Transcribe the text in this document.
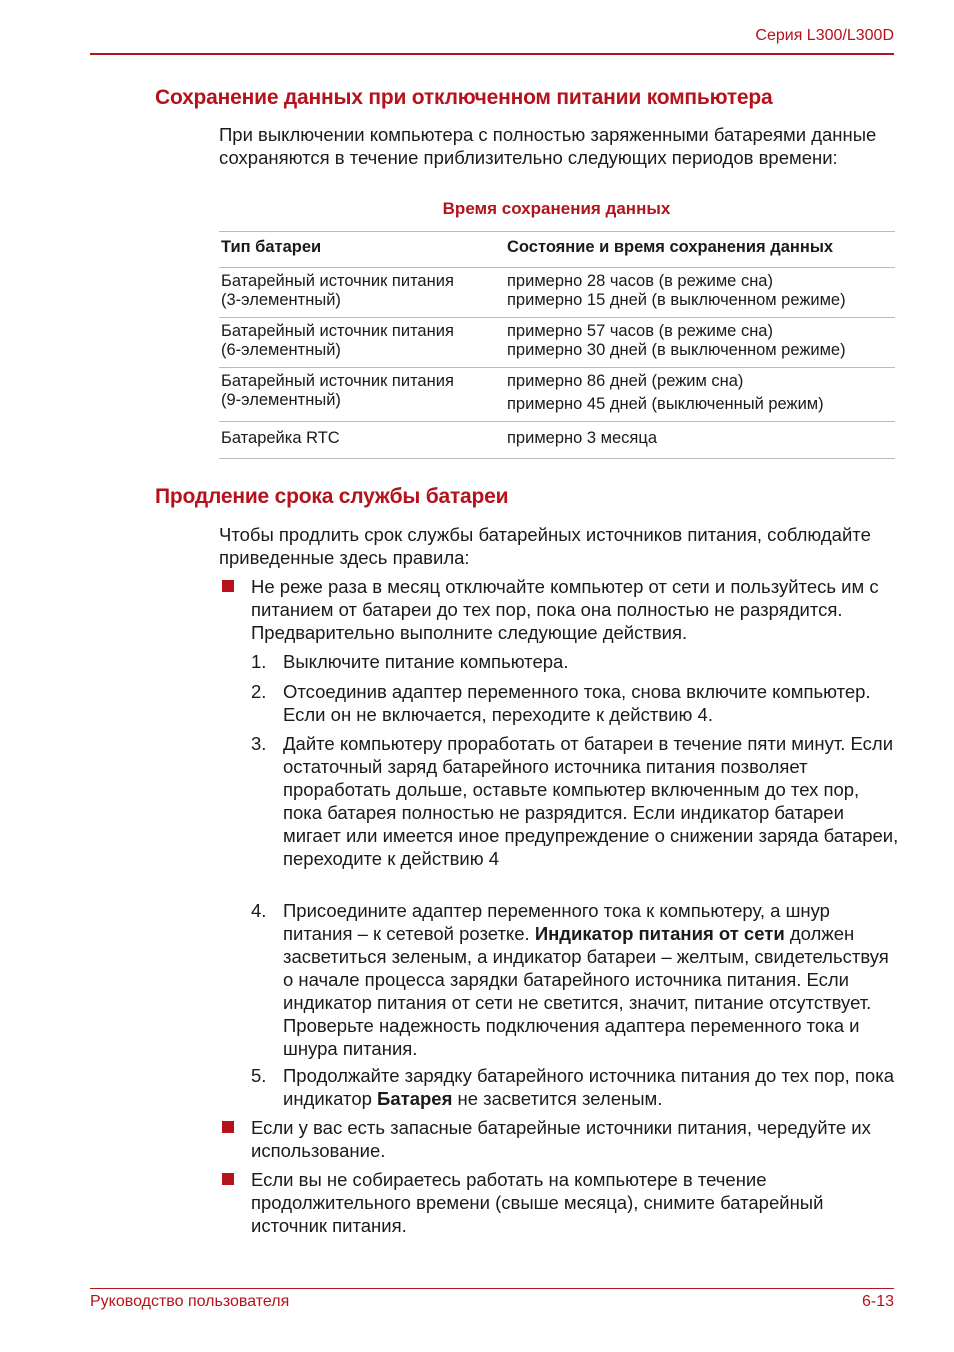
Серия L300/L300D
Сохранение данных при отключенном питании компьютера

При выключении компьютера с полностью заряженными батареями данные сохраняются в течение приблизительно следующих периодов времени:

Время сохранения данных
Тип батареи	Состояние и время сохранения данных

Батарейный источник питания
(3-элементный)	примерно 28 часов (в режиме сна)
примерно 15 дней (в выключенном режиме)

Батарейный источник питания
(6-элементный)	примерно 57 часов (в режиме сна)
примерно 30 дней (в выключенном режиме)

Батарейный источник питания
(9-элементный)	примерно 86 дней (режим сна)
примерно 45 дней (выключенный режим)

Батарейка RTC	примерно 3 месяца
Продление срока службы батареи

Чтобы продлить срок службы батарейных источников питания, соблюдайте приведенные здесь правила:

Не реже раза в месяц отключайте компьютер от сети и пользуйтесь им с питанием от батареи до тех пор, пока она полностью не разрядится. Предварительно выполните следующие действия.
1. Выключите питание компьютера.
2. Отсоединив адаптер переменного тока, снова включите компьютер. Если он не включается, переходите к действию 4.
3. Дайте компьютеру проработать от батареи в течение пяти минут. Если остаточный заряд батарейного источника питания позволяет проработать дольше, оставьте компьютер включенным до тех пор, пока батарея полностью не разрядится. Если индикатор батареи мигает или имеется иное предупреждение о снижении заряда батареи, переходите к действию 4
4. Присоедините адаптер переменного тока к компьютеру, а шнур питания – к сетевой розетке. Индикатор питания от сети должен засветиться зеленым, а индикатор батареи – желтым, свидетельствуя о начале процесса зарядки батарейного источника питания. Если индикатор питания от сети не светится, значит, питание отсутствует. Проверьте надежность подключения адаптера переменного тока и шнура питания.
5. Продолжайте зарядку батарейного источника питания до тех пор, пока индикатор Батарея не засветится зеленым.
Если у вас есть запасные батарейные источники питания, чередуйте их использование.
Если вы не собираетесь работать на компьютере в течение продолжительного времени (свыше месяца), снимите батарейный источник питания.
Руководство пользователя	6-13
